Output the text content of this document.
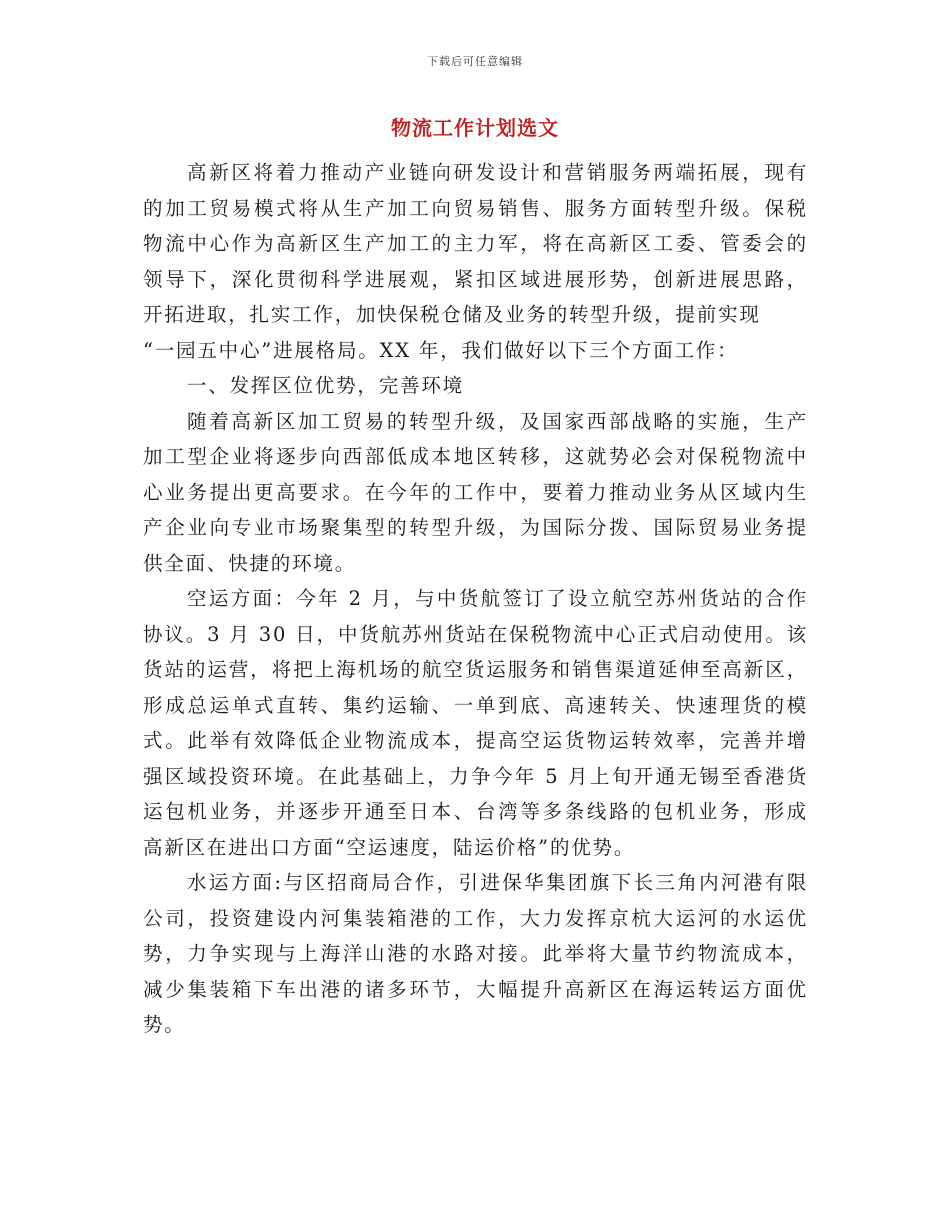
下载后可任意编辑
物流工作计划选文
高新区将着力推动产业链向研发设计和营销服务两端拓展，现有
的加工贸易模式将从生产加工向贸易销售、服务方面转型升级。保税
物流中心作为高新区生产加工的主力军，将在高新区工委、管委会的
领导下，深化贯彻科学进展观，紧扣区域进展形势，创新进展思路，
开拓进取，扎实工作，加快保税仓储及业务的转型升级，提前实现
“一园五中心”进展格局。XX 年，我们做好以下三个方面工作：
一、发挥区位优势，完善环境
随着高新区加工贸易的转型升级，及国家西部战略的实施，生产
加工型企业将逐步向西部低成本地区转移，这就势必会对保税物流中
心业务提出更高要求。在今年的工作中，要着力推动业务从区域内生
产企业向专业市场聚集型的转型升级，为国际分拨、国际贸易业务提
供全面、快捷的环境。
空运方面：今年 2 月，与中货航签订了设立航空苏州货站的合作
协议。3 月 30 日，中货航苏州货站在保税物流中心正式启动使用。该
货站的运营，将把上海机场的航空货运服务和销售渠道延伸至高新区，
形成总运单式直转、集约运输、一单到底、高速转关、快速理货的模
式。此举有效降低企业物流成本，提高空运货物运转效率，完善并增
强区域投资环境。在此基础上，力争今年 5 月上旬开通无锡至香港货
运包机业务，并逐步开通至日本、台湾等多条线路的包机业务，形成
高新区在进出口方面“空运速度，陆运价格”的优势。
水运方面:与区招商局合作，引进保华集团旗下长三角内河港有限
公司，投资建设内河集装箱港的工作，大力发挥京杭大运河的水运优
势，力争实现与上海洋山港的水路对接。此举将大量节约物流成本，
减少集装箱下车出港的诸多环节，大幅提升高新区在海运转运方面优
势。
